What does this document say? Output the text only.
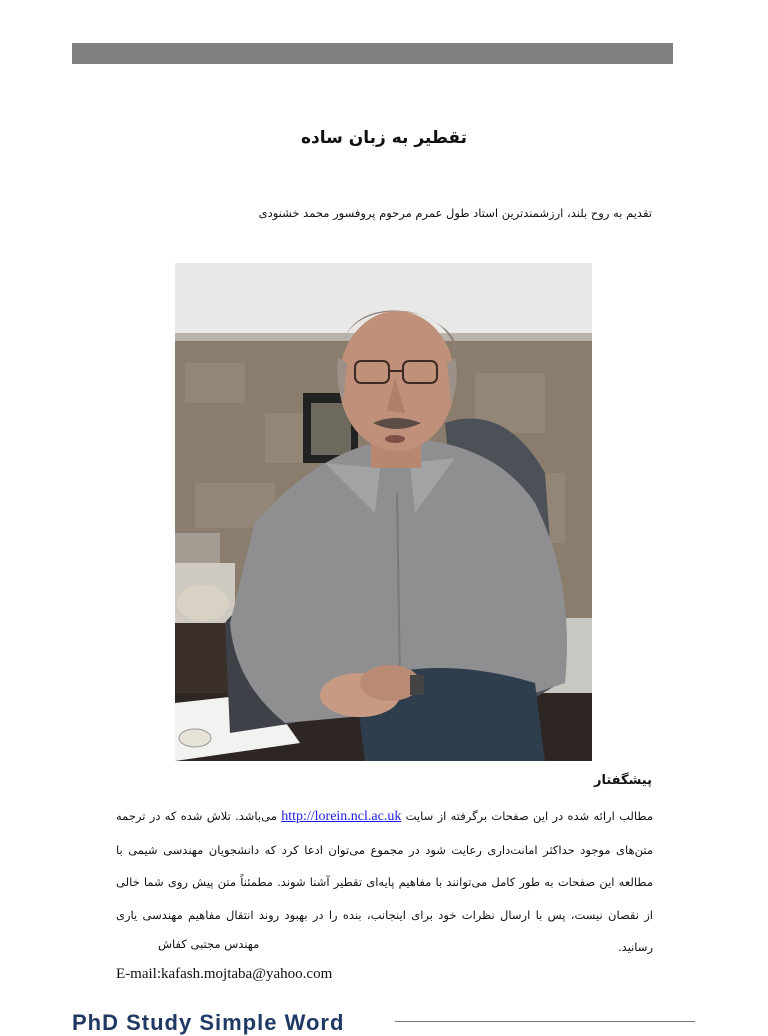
تقطیر به زبان ساده
تقدیم به روح بلند، ارزشمندترین استاد طول عمرم مرحوم پروفسور محمد خشنودی
پیشگفتار
مطالب ارائه شده در این صفحات برگرفته از سایت http://lorein.ncl.ac.uk می‌باشد. تلاش شده که در ترجمه متن‌های موجود حداکثر امانت‌داری رعایت شود در مجموع می‌توان ادعا کرد که دانشجویان مهندسی شیمی با مطالعه این صفحات به طور کامل می‌توانند با مفاهیم پایه‌ای تقطیر آشنا شوند. مطمئناً متن پیش روی شما خالی از نقصان نیست، پس با ارسال نظرات خود برای اینجانب، بنده را در بهبود روند انتقال مفاهیم مهندسی یاری رسانید.
مهندس مجتبی کفاش
E-mail:kafash.mojtaba@yahoo.com
PhD Study Simple Word
